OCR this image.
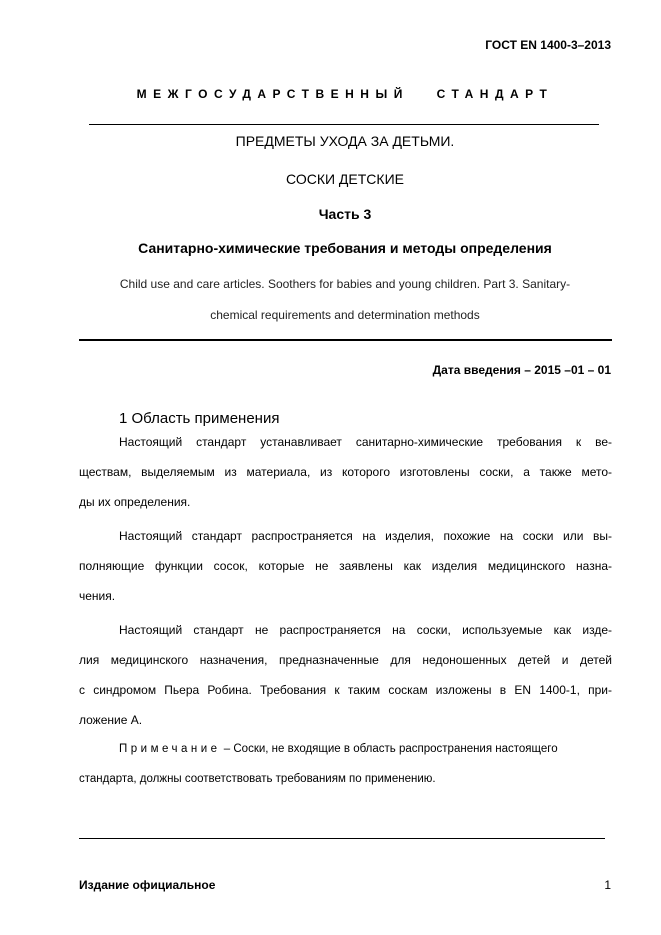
ГОСТ EN 1400-3–2013
МЕЖГОСУДАРСТВЕННЫЙ СТАНДАРТ
ПРЕДМЕТЫ УХОДА ЗА ДЕТЬМИ.
СОСКИ ДЕТСКИЕ
Часть 3
Санитарно-химические требования и методы определения
Child use and care articles. Soothers for babies and young children. Part 3. Sanitary-
chemical requirements and determination methods
Дата введения – 2015 –01 – 01
1 Область применения
Настоящий стандарт устанавливает санитарно-химические требования к ве-
ществам, выделяемым из материала, из которого изготовлены соски, а также мето-
ды их определения.
Настоящий стандарт распространяется на изделия, похожие на соски или вы-
полняющие функции сосок, которые не заявлены как изделия медицинского назна-
чения.
Настоящий стандарт не распространяется на соски, используемые как изде-
лия медицинского назначения, предназначенные для недоношенных детей и детей
с синдромом Пьера Робина. Требования к таким соскам изложены в EN 1400-1, при-
ложение А.
Примечание – Соски, не входящие в область распространения настоящего
стандарта, должны соответствовать требованиям по применению.
Издание официальное	1
